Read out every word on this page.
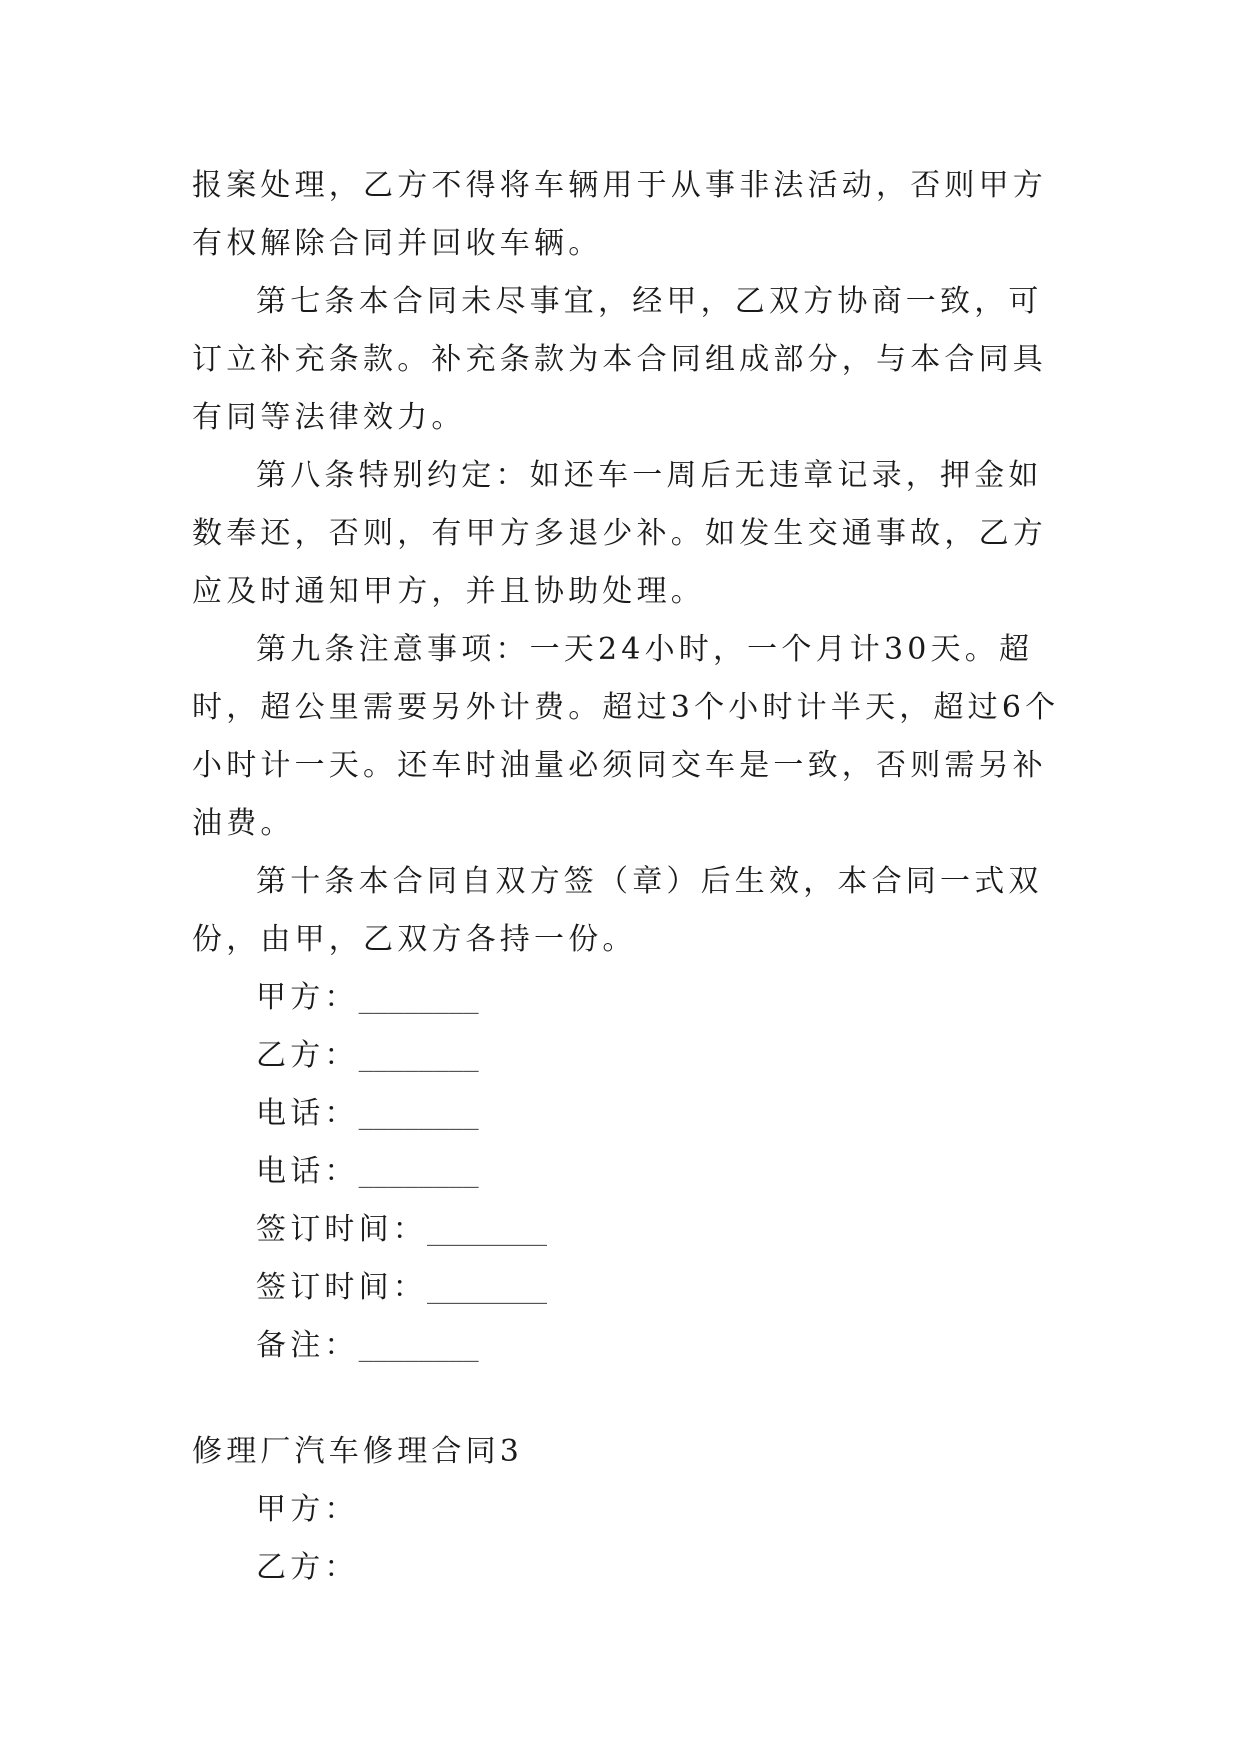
报案处理，乙方不得将车辆用于从事非法活动，否则甲方有权解除合同并回收车辆。

第七条本合同未尽事宜，经甲，乙双方协商一致，可订立补充条款。补充条款为本合同组成部分，与本合同具有同等法律效力。

第八条特别约定：如还车一周后无违章记录，押金如数奉还，否则，有甲方多退少补。如发生交通事故，乙方应及时通知甲方，并且协助处理。

第九条注意事项：一天24小时，一个月计30天。超时，超公里需要另外计费。超过3个小时计半天，超过6个小时计一天。还车时油量必须同交车是一致，否则需另补油费。

第十条本合同自双方签（章）后生效，本合同一式双份，由甲，乙双方各持一份。

甲方：________

乙方：________

电话：________

电话：________

签订时间：________

签订时间：________

备注：________

修理厂汽车修理合同3

甲方：

乙方：
